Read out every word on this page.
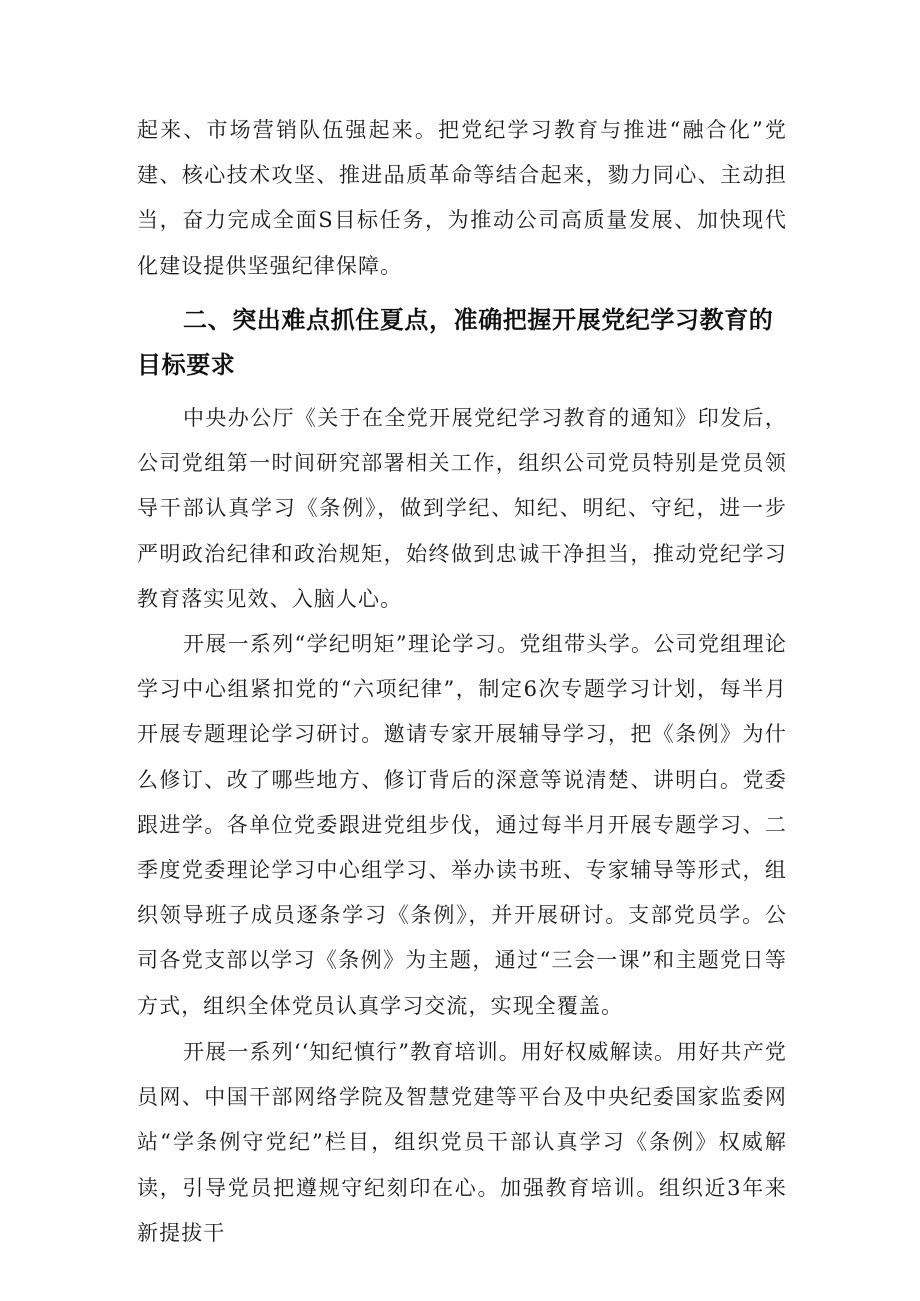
起来、市场营销队伍强起来。把党纪学习教育与推进“融合化”党建、核心技术攻坚、推进品质革命等结合起来，勠力同心、主动担当，奋力完成全面S目标任务，为推动公司高质量发展、加快现代化建设提供坚强纪律保障。

二、突出难点抓住夏点，准确把握开展党纪学习教育的目标要求

中央办公厅《关于在全党开展党纪学习教育的通知》印发后，公司党组第一时间研究部署相关工作，组织公司党员特别是党员领导干部认真学习《条例》，做到学纪、知纪、明纪、守纪，进一步严明政治纪律和政治规矩，始终做到忠诚干净担当，推动党纪学习教育落实见效、入脑人心。

开展一系列“学纪明矩”理论学习。党组带头学。公司党组理论学习中心组紧扣党的“六项纪律”，制定6次专题学习计划，每半月开展专题理论学习研讨。邀请专家开展辅导学习，把《条例》为什么修订、改了哪些地方、修订背后的深意等说清楚、讲明白。党委跟进学。各单位党委跟进党组步伐，通过每半月开展专题学习、二季度党委理论学习中心组学习、举办读书班、专家辅导等形式，组织领导班子成员逐条学习《条例》，并开展研讨。支部党员学。公司各党支部以学习《条例》为主题，通过“三会一课”和主题党日等方式，组织全体党员认真学习交流，实现全覆盖。

开展一系列‘‘知纪慎行”教育培训。用好权威解读。用好共产党员网、中国干部网络学院及智慧党建等平台及中央纪委国家监委网站“学条例守党纪”栏目，组织党员干部认真学习《条例》权威解读，引导党员把遵规守纪刻印在心。加强教育培训。组织近3年来新提拔干
